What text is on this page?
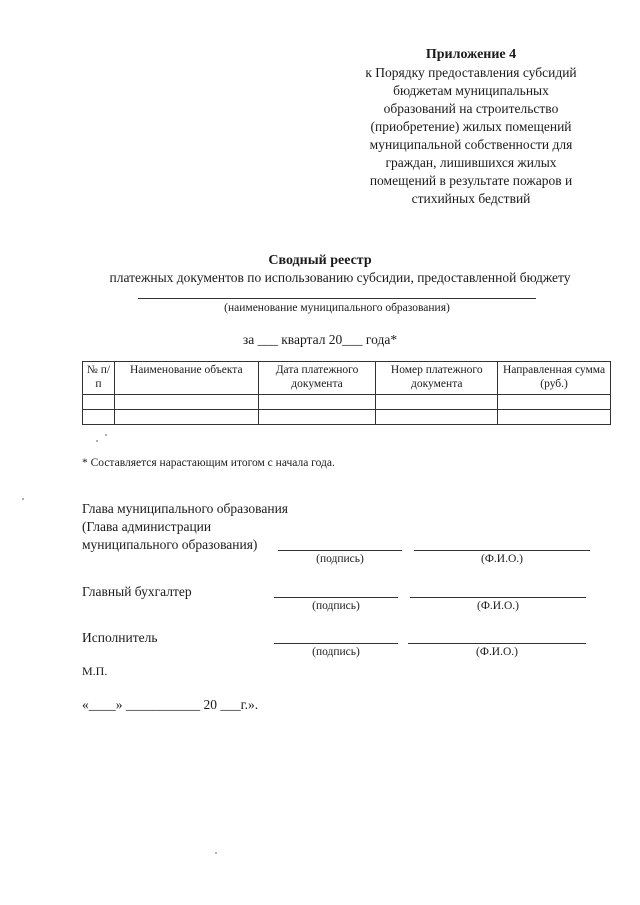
Приложение 4
к Порядку предоставления субсидий
бюджетам муниципальных
образований на строительство
(приобретение) жилых помещений
муниципальной собственности для
граждан, лишившихся жилых
помещений в результате пожаров и
стихийных бедствий
Сводный реестр
платежных документов по использованию субсидии, предоставленной бюджету
(наименование муниципального образования)
за ___ квартал 20___ года*
№ п/п	Наименование объекта	Дата платежного документа	Номер платежного документа	Направленная сумма (руб.)

* Составляется нарастающим итогом с начала года.
Глава муниципального образования
(Глава администрации
муниципального образования)
(подпись)	(Ф.И.О.)
Главный бухгалтер
(подпись)	(Ф.И.О.)
Исполнитель
(подпись)	(Ф.И.О.)
М.П.
«____» ___________ 20 ___г.».
